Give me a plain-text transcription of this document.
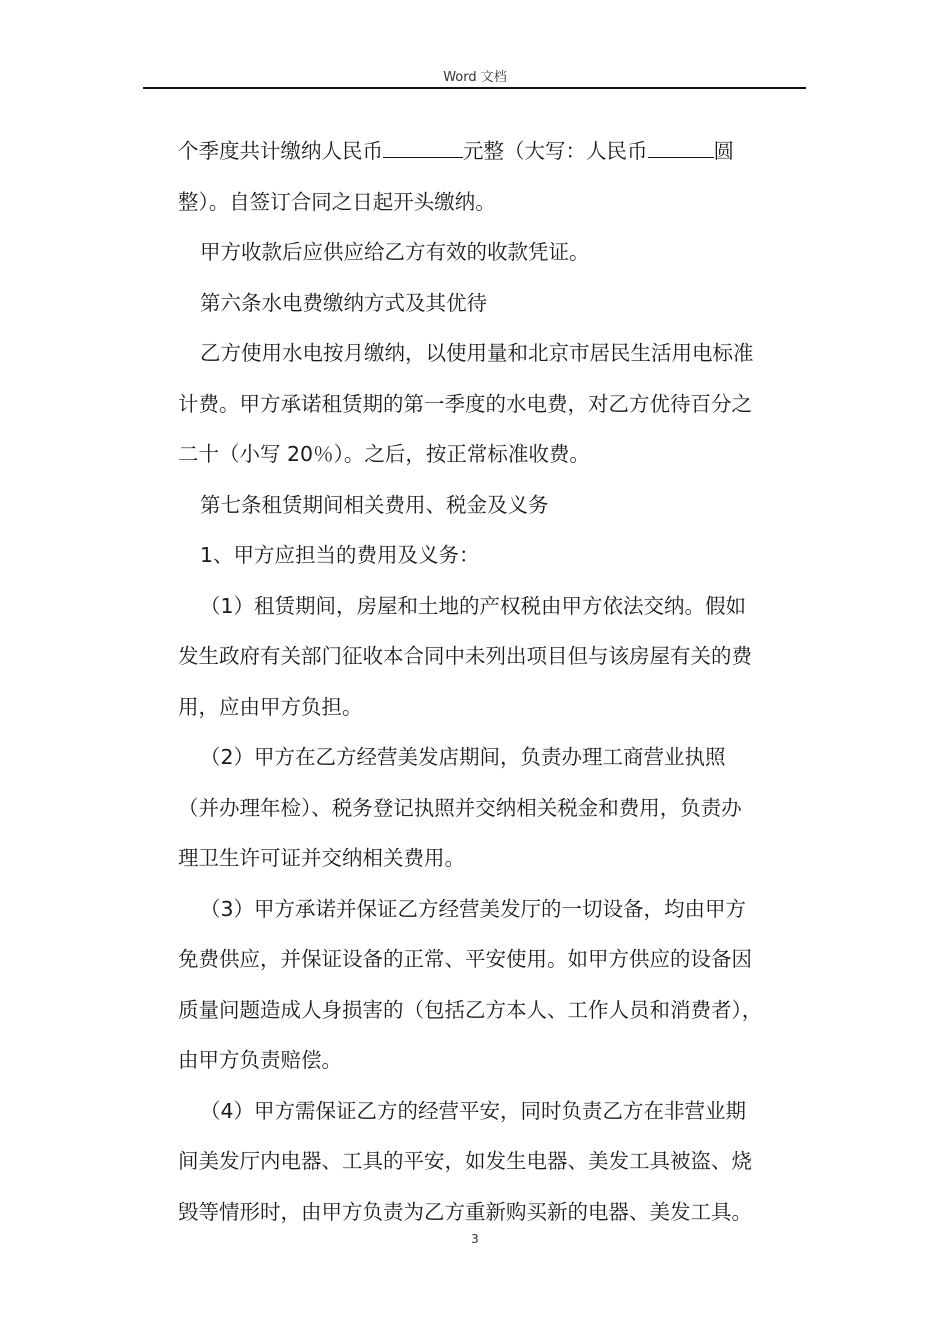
Word 文档
个季度共计缴纳人民币	元整（大写：人民币	圆
整）。自签订合同之日起开头缴纳。
甲方收款后应供应给乙方有效的收款凭证。
第六条水电费缴纳方式及其优待
乙方使用水电按月缴纳，以使用量和北京市居民生活用电标准
计费。甲方承诺租赁期的第一季度的水电费，对乙方优待百分之
二十（小写 20％）。之后，按正常标准收费。
第七条租赁期间相关费用、税金及义务
1、甲方应担当的费用及义务：
（1）租赁期间，房屋和土地的产权税由甲方依法交纳。假如
发生政府有关部门征收本合同中未列出项目但与该房屋有关的费
用，应由甲方负担。
（2）甲方在乙方经营美发店期间，负责办理工商营业执照
（并办理年检）、税务登记执照并交纳相关税金和费用，负责办
理卫生许可证并交纳相关费用。
（3）甲方承诺并保证乙方经营美发厅的一切设备，均由甲方
免费供应，并保证设备的正常、平安使用。如甲方供应的设备因
质量问题造成人身损害的（包括乙方本人、工作人员和消费者），
由甲方负责赔偿。
（4）甲方需保证乙方的经营平安，同时负责乙方在非营业期
间美发厅内电器、工具的平安，如发生电器、美发工具被盗、烧
毁等情形时，由甲方负责为乙方重新购买新的电器、美发工具。
3
